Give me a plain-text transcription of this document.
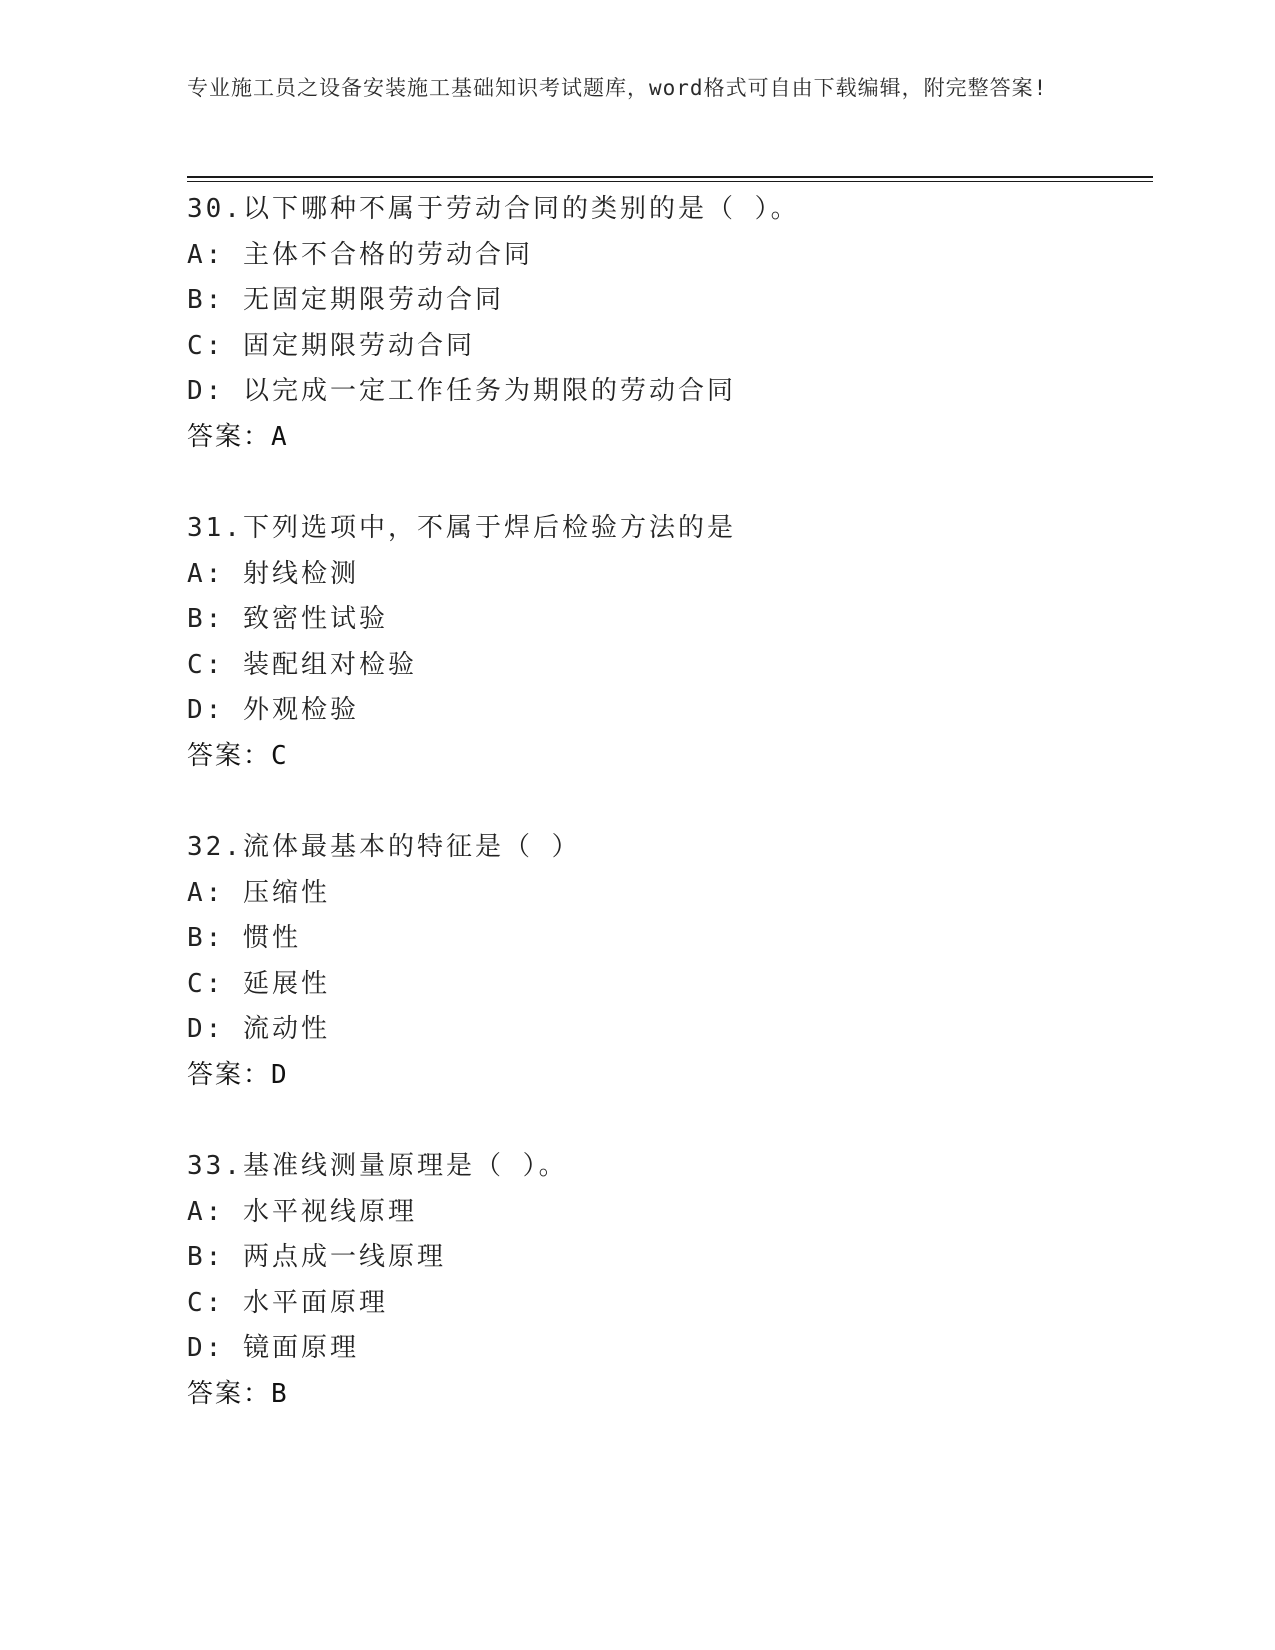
专业施工员之设备安装施工基础知识考试题库，word格式可自由下载编辑，附完整答案!
30.以下哪种不属于劳动合同的类别的是（ ）。
A: 主体不合格的劳动合同
B: 无固定期限劳动合同
C: 固定期限劳动合同
D: 以完成一定工作任务为期限的劳动合同
答案：A
31.下列选项中，不属于焊后检验方法的是
A: 射线检测
B: 致密性试验
C: 装配组对检验
D: 外观检验
答案：C
32.流体最基本的特征是（ ）
A: 压缩性
B: 惯性
C: 延展性
D: 流动性
答案：D
33.基准线测量原理是（ ）。
A: 水平视线原理
B: 两点成一线原理
C: 水平面原理
D: 镜面原理
答案：B
